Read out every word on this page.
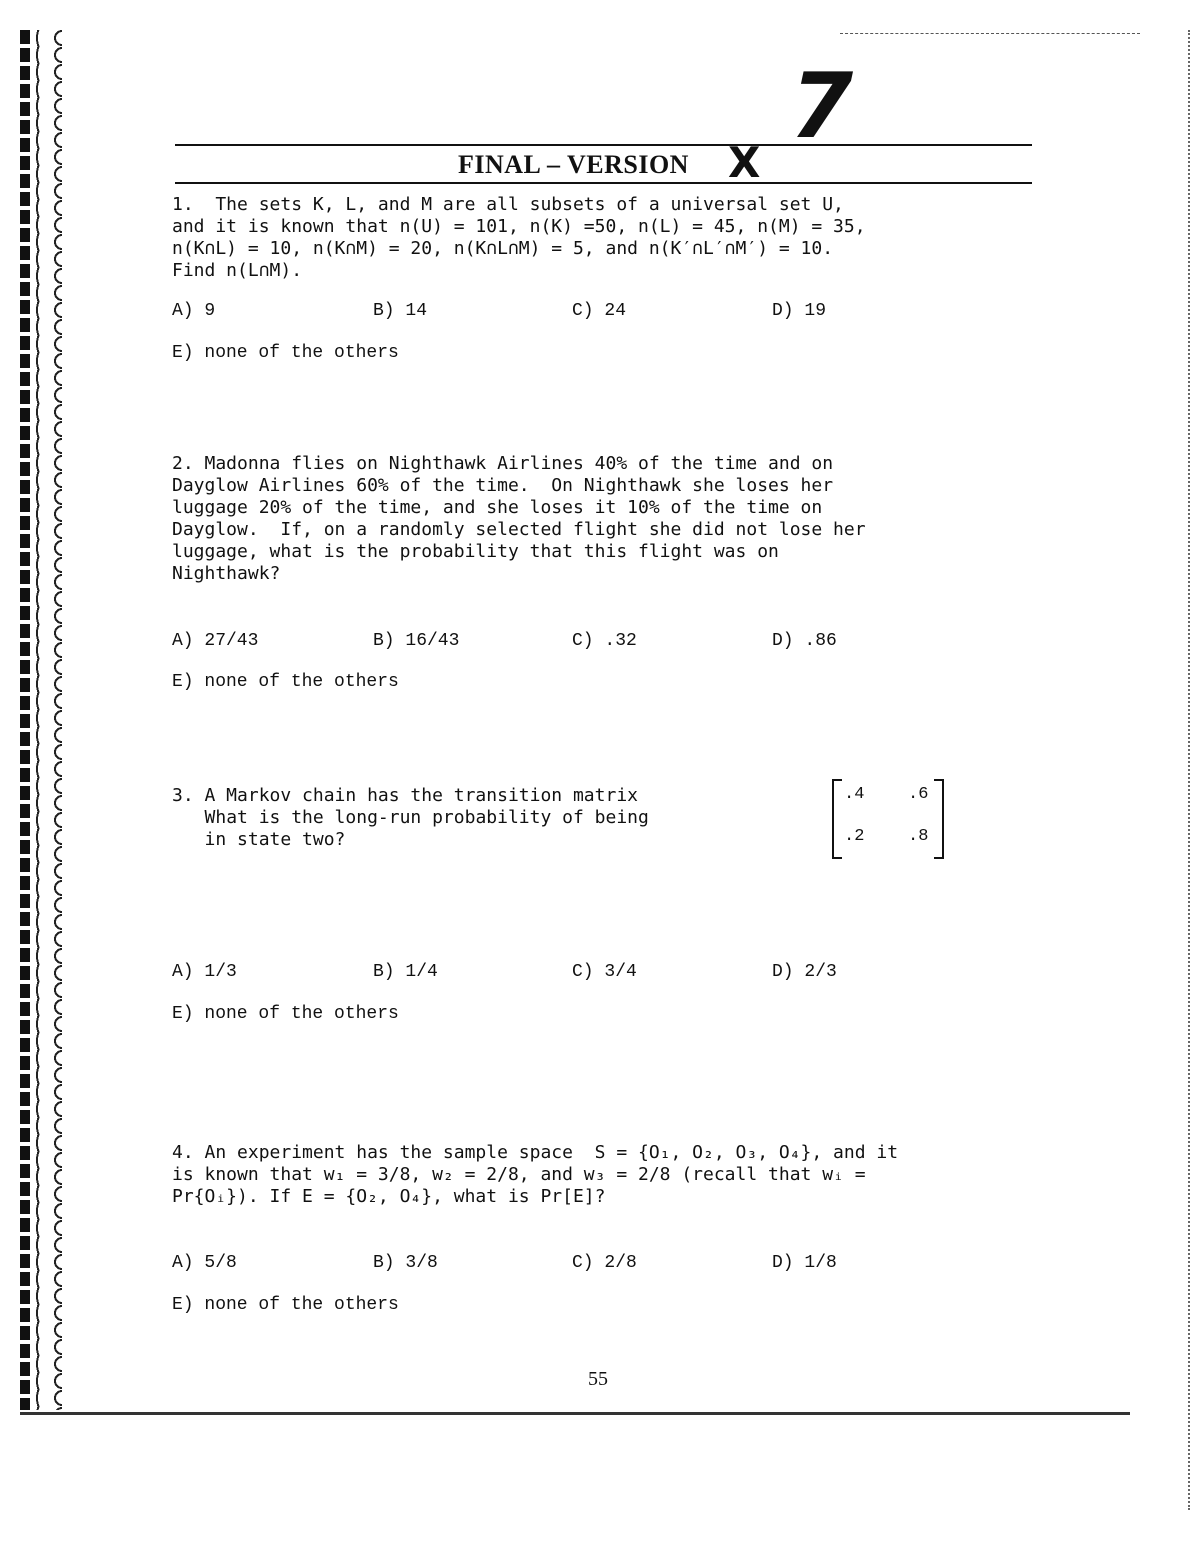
7
FINAL – VERSION X
1.  The sets K, L, and M are all subsets of a universal set U,
and it is known that n(U) = 101, n(K) =50, n(L) = 45, n(M) = 35,
n(K∩L) = 10, n(K∩M) = 20, n(K∩L∩M) = 5, and n(K′∩L′∩M′) = 10.
Find n(L∩M).
A) 9	B) 14	C) 24	D) 19
E) none of the others
2. Madonna flies on Nighthawk Airlines 40% of the time and on
Dayglow Airlines 60% of the time.  On Nighthawk she loses her
luggage 20% of the time, and she loses it 10% of the time on
Dayglow.  If, on a randomly selected flight she did not lose her
luggage, what is the probability that this flight was on
Nighthawk?
A) 27/43	B) 16/43	C) .32	D) .86
E) none of the others
3. A Markov chain has the transition matrix
What is the long-run probability of being
in state two?
.4	.6
.2	.8
A) 1/3	B) 1/4	C) 3/4	D) 2/3
E) none of the others
4. An experiment has the sample space  S = {O₁, O₂, O₃, O₄}, and it
is known that w₁ = 3/8, w₂ = 2/8, and w₃ = 2/8 (recall that wᵢ =
Pr{Oᵢ}). If E = {O₂, O₄}, what is Pr[E]?
A) 5/8	B) 3/8	C) 2/8	D) 1/8
E) none of the others
55
